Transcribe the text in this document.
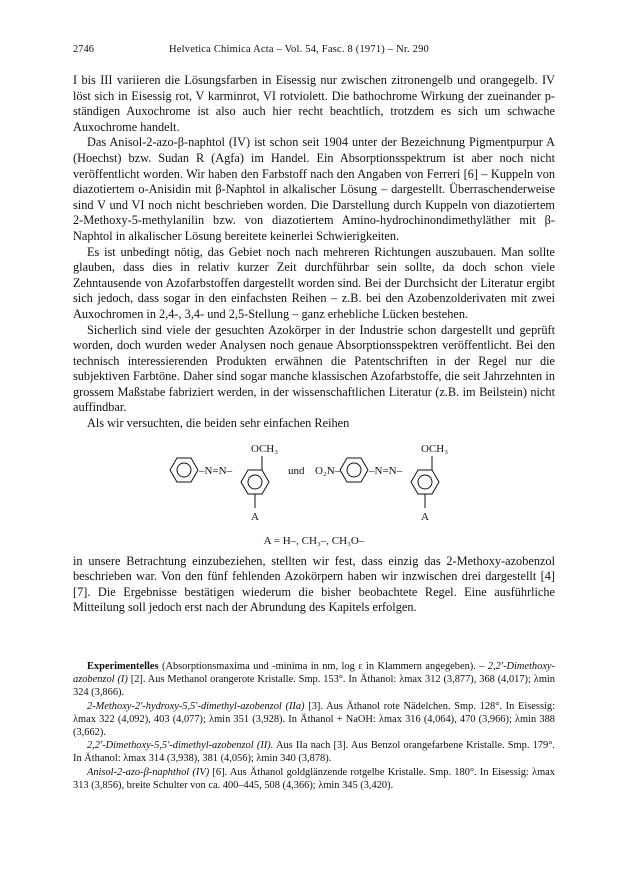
2746	Helvetica Chimica Acta – Vol. 54, Fasc. 8 (1971) – Nr. 290

I bis III variieren die Lösungsfarben in Eisessig nur zwischen zitronengelb und orangegelb. IV löst sich in Eisessig rot, V karminrot, VI rotviolett. Die bathochrome Wirkung der zueinander p-ständigen Auxochrome ist also auch hier recht beachtlich, trotzdem es sich um schwache Auxochrome handelt.

Das Anisol-2-azo-β-naphtol (IV) ist schon seit 1904 unter der Bezeichnung Pigmentpurpur A (Hoechst) bzw. Sudan R (Agfa) im Handel. Ein Absorptionsspektrum ist aber noch nicht veröffentlicht worden. Wir haben den Farbstoff nach den Angaben von Ferreri [6] – Kuppeln von diazotiertem o-Anisidin mit β-Naphtol in alkalischer Lösung – dargestellt. Überraschenderweise sind V und VI noch nicht beschrieben worden. Die Darstellung durch Kuppeln von diazotiertem 2-Methoxy-5-methylanilin bzw. von diazotiertem Amino-hydrochinondimethyläther mit β-Naphtol in alkalischer Lösung bereitete keinerlei Schwierigkeiten.

Es ist unbedingt nötig, das Gebiet noch nach mehreren Richtungen auszubauen. Man sollte glauben, dass dies in relativ kurzer Zeit durchführbar sein sollte, da doch schon viele Zehntausende von Azofarbstoffen dargestellt worden sind. Bei der Durchsicht der Literatur ergibt sich jedoch, dass sogar in den einfachsten Reihen – z.B. bei den Azobenzolderivaten mit zwei Auxochromen in 2,4-, 3,4- und 2,5-Stellung – ganz erhebliche Lücken bestehen.

Sicherlich sind viele der gesuchten Azokörper in der Industrie schon dargestellt und geprüft worden, doch wurden weder Analysen noch genaue Absorptionsspektren veröffentlicht. Bei den technisch interessierenden Produkten erwähnen die Patentschriften in der Regel nur die subjektiven Farbtöne. Daher sind sogar manche klassischen Azofarbstoffe, die seit Jahrzehnten in grossem Maßstabe fabriziert werden, in der wissenschaftlichen Literatur (z.B. im Beilstein) nicht auffindbar.

Als wir versuchten, die beiden sehr einfachen Reihen

–N=N–
OCH₃
A
und O₂N–	–N=N–
OCH₃
A
A = H–, CH₃–, CH₃O–

in unsere Betrachtung einzubeziehen, stellten wir fest, dass einzig das 2-Methoxy-azobenzol beschrieben war. Von den fünf fehlenden Azokörpern haben wir inzwischen drei dargestellt [4] [7]. Die Ergebnisse bestätigen wiederum die bisher beobachtete Regel. Eine ausführliche Mitteilung soll jedoch erst nach der Abrundung des Kapitels erfolgen.

Experimentelles (Absorptionsmaxima und -minima in nm, log ε in Klammern angegeben). – 2,2'-Dimethoxy-azobenzol (I) [2]. Aus Methanol orangerote Kristalle. Smp. 153°. In Äthanol: λmax 312 (3,877), 368 (4,017); λmin 324 (3,866).

2-Methoxy-2'-hydroxy-5,5'-dimethyl-azobenzol (IIa) [3]. Aus Äthanol rote Nädelchen. Smp. 128°. In Eisessig: λmax 322 (4,092), 403 (4,077); λmin 351 (3,928). In Äthanol + NaOH: λmax 316 (4,064), 470 (3,966); λmin 388 (3,662).

2,2'-Dimethoxy-5,5'-dimethyl-azobenzol (II). Aus IIa nach [3]. Aus Benzol orangefarbene Kristalle. Smp. 179°. In Äthanol: λmax 314 (3,938), 381 (4,056); λmin 340 (3,878).

Anisol-2-azo-β-naphthol (IV) [6]. Aus Äthanol goldglänzende rotgelbe Kristalle. Smp. 180°. In Eisessig: λmax 313 (3,856), breite Schulter von ca. 400–445, 508 (4,366); λmin 345 (3,420).
